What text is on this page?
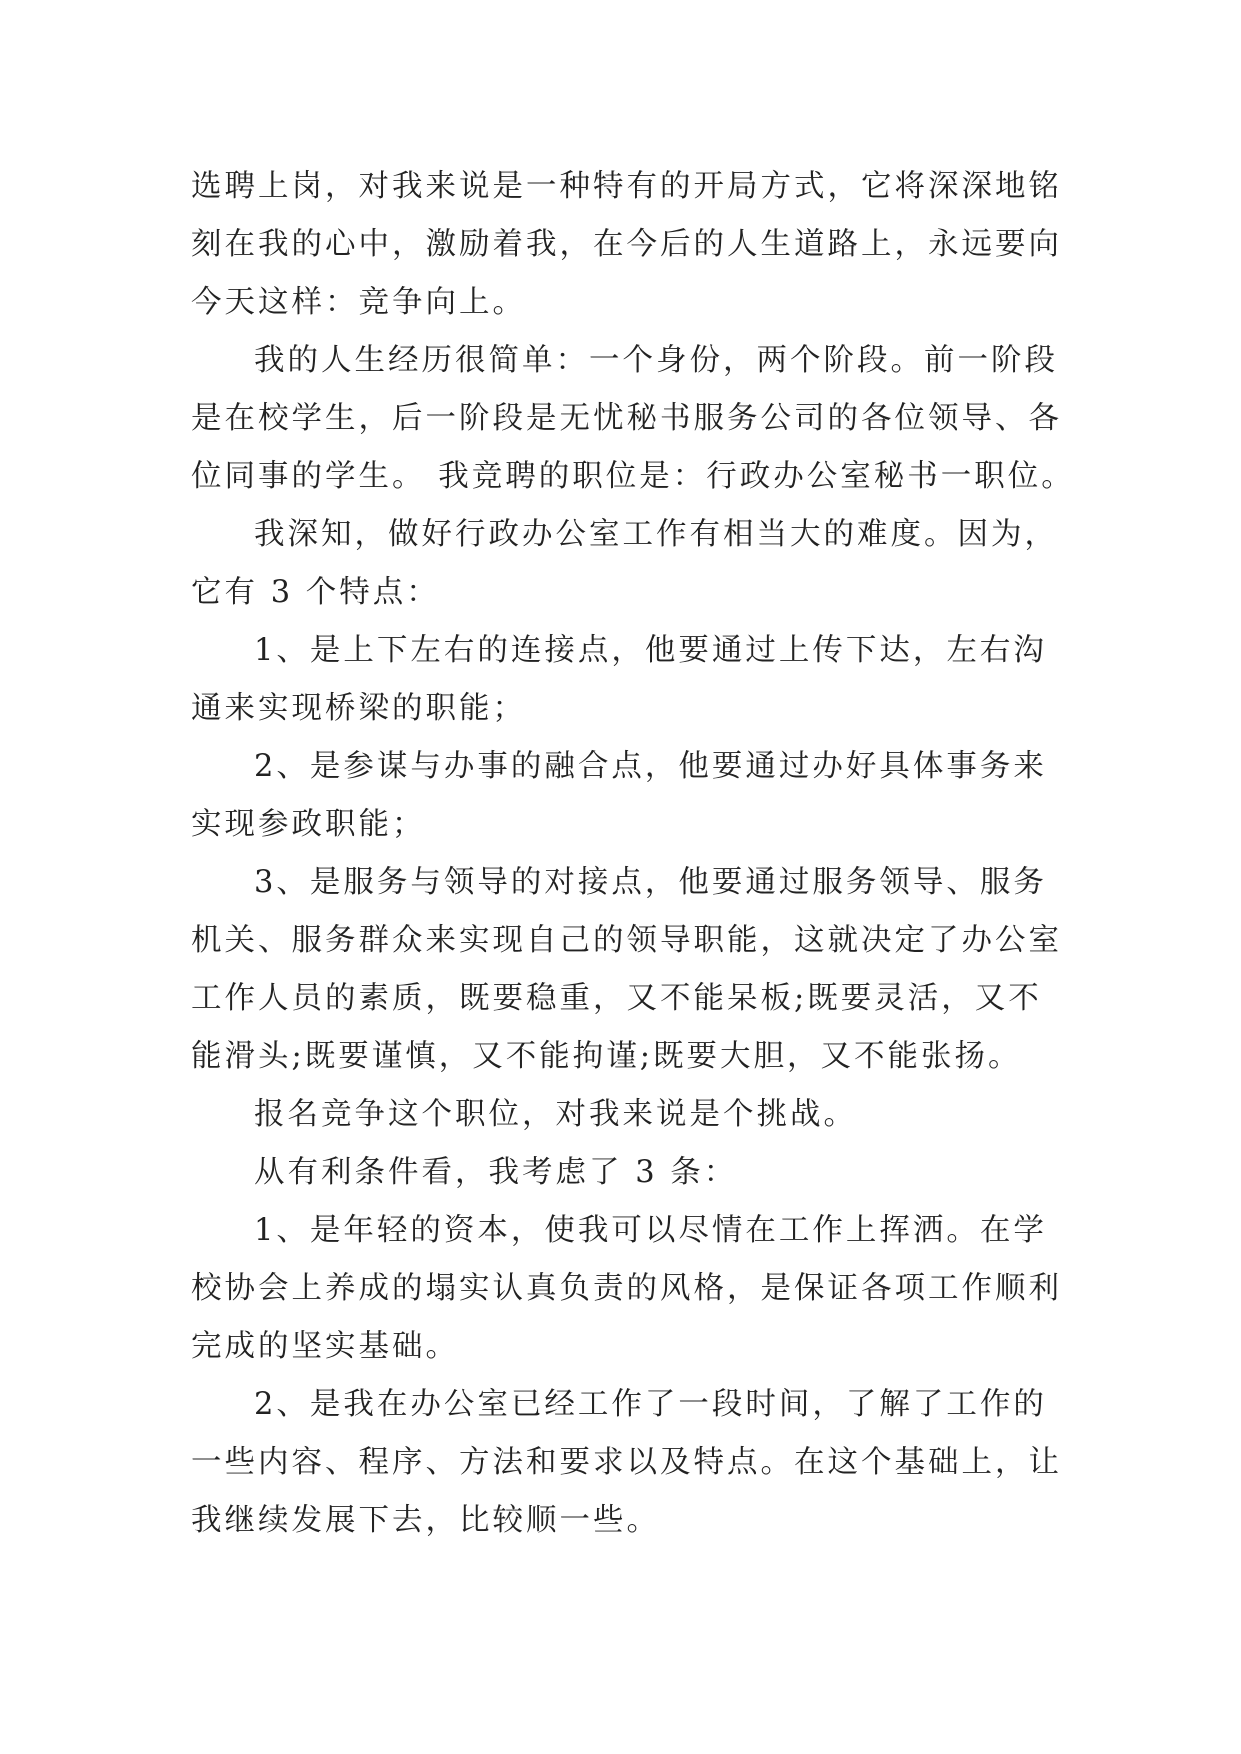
选聘上岗，对我来说是一种特有的开局方式，它将深深地铭
刻在我的心中，激励着我，在今后的人生道路上，永远要向
今天这样：竞争向上。
我的人生经历很简单：一个身份，两个阶段。前一阶段
是在校学生，后一阶段是无忧秘书服务公司的各位领导、各
位同事的学生。 我竞聘的职位是：行政办公室秘书一职位。
我深知，做好行政办公室工作有相当大的难度。因为，
它有 3 个特点：
1、是上下左右的连接点，他要通过上传下达，左右沟
通来实现桥梁的职能；
2、是参谋与办事的融合点，他要通过办好具体事务来
实现参政职能；
3、是服务与领导的对接点，他要通过服务领导、服务
机关、服务群众来实现自己的领导职能，这就决定了办公室
工作人员的素质，既要稳重，又不能呆板;既要灵活，又不
能滑头;既要谨慎，又不能拘谨;既要大胆，又不能张扬。
报名竞争这个职位，对我来说是个挑战。
从有利条件看，我考虑了 3 条：
1、是年轻的资本，使我可以尽情在工作上挥洒。在学
校协会上养成的塌实认真负责的风格，是保证各项工作顺利
完成的坚实基础。
2、是我在办公室已经工作了一段时间，了解了工作的
一些内容、程序、方法和要求以及特点。在这个基础上，让
我继续发展下去，比较顺一些。
